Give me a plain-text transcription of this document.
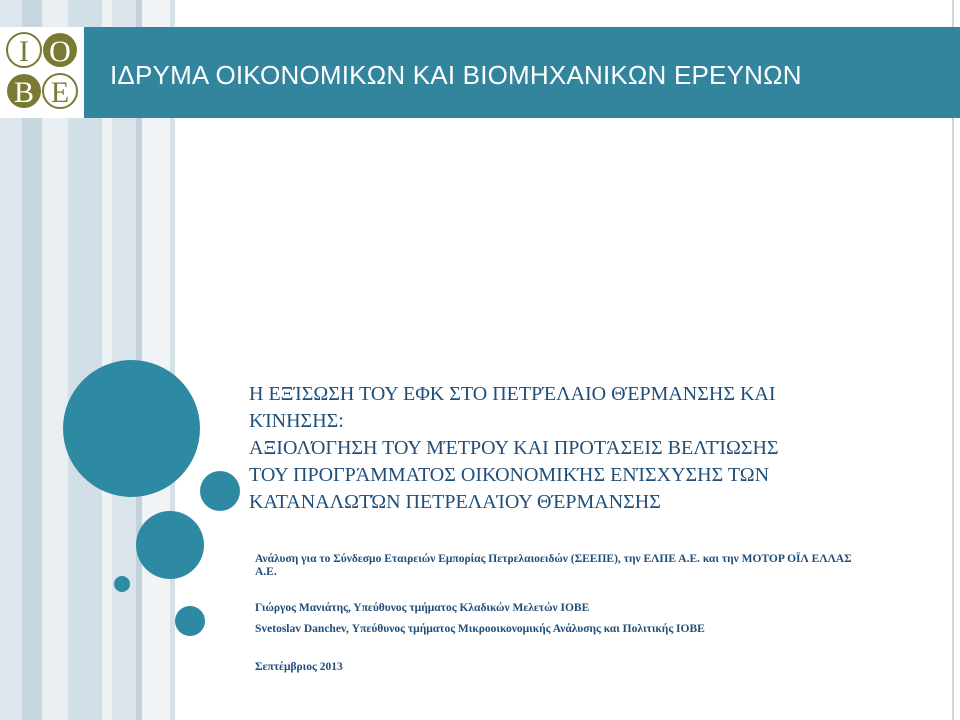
ΙΔΡΥΜΑ ΟΙΚΟΝΟΜΙΚΩΝ ΚΑΙ ΒΙΟΜΗΧΑΝΙΚΩΝ ΕΡΕΥΝΩΝ
Ι Ο
Β Ε
Η ΕΞΊΣΩΣΗ ΤΟΥ ΕΦΚ ΣΤΟ ΠΕΤΡΈΛΑΙΟ ΘΈΡΜΑΝΣΗΣ ΚΑΙ
ΚΊΝΗΣΗΣ:
ΑΞΙΟΛΌΓΗΣΗ ΤΟΥ ΜΈΤΡΟΥ ΚΑΙ ΠΡΟΤΆΣΕΙΣ ΒΕΛΤΊΩΣΗΣ
ΤΟΥ ΠΡΟΓΡΆΜΜΑΤΟΣ ΟΙΚΟΝΟΜΙΚΉΣ ΕΝΊΣΧΥΣΗΣ ΤΩΝ
ΚΑΤΑΝΑΛΩΤΏΝ ΠΕΤΡΕΛΑΊΟΥ ΘΈΡΜΑΝΣΗΣ
Ανάλυση για το Σύνδεσμο Εταιρειών Εμπορίας Πετρελαιοειδών (ΣΕΕΠΕ), την ΕΛΠΕ Α.Ε. και την ΜΟΤΟΡ ΟΪΛ ΕΛΛΑΣ Α.Ε.
Γιώργος Μανιάτης, Υπεύθυνος τμήματος Κλαδικών Μελετών ΙΟΒΕ
Svetoslav Danchev, Υπεύθυνος τμήματος Μικροοικονομικής Ανάλυσης και Πολιτικής ΙΟΒΕ
Σεπτέμβριος 2013
